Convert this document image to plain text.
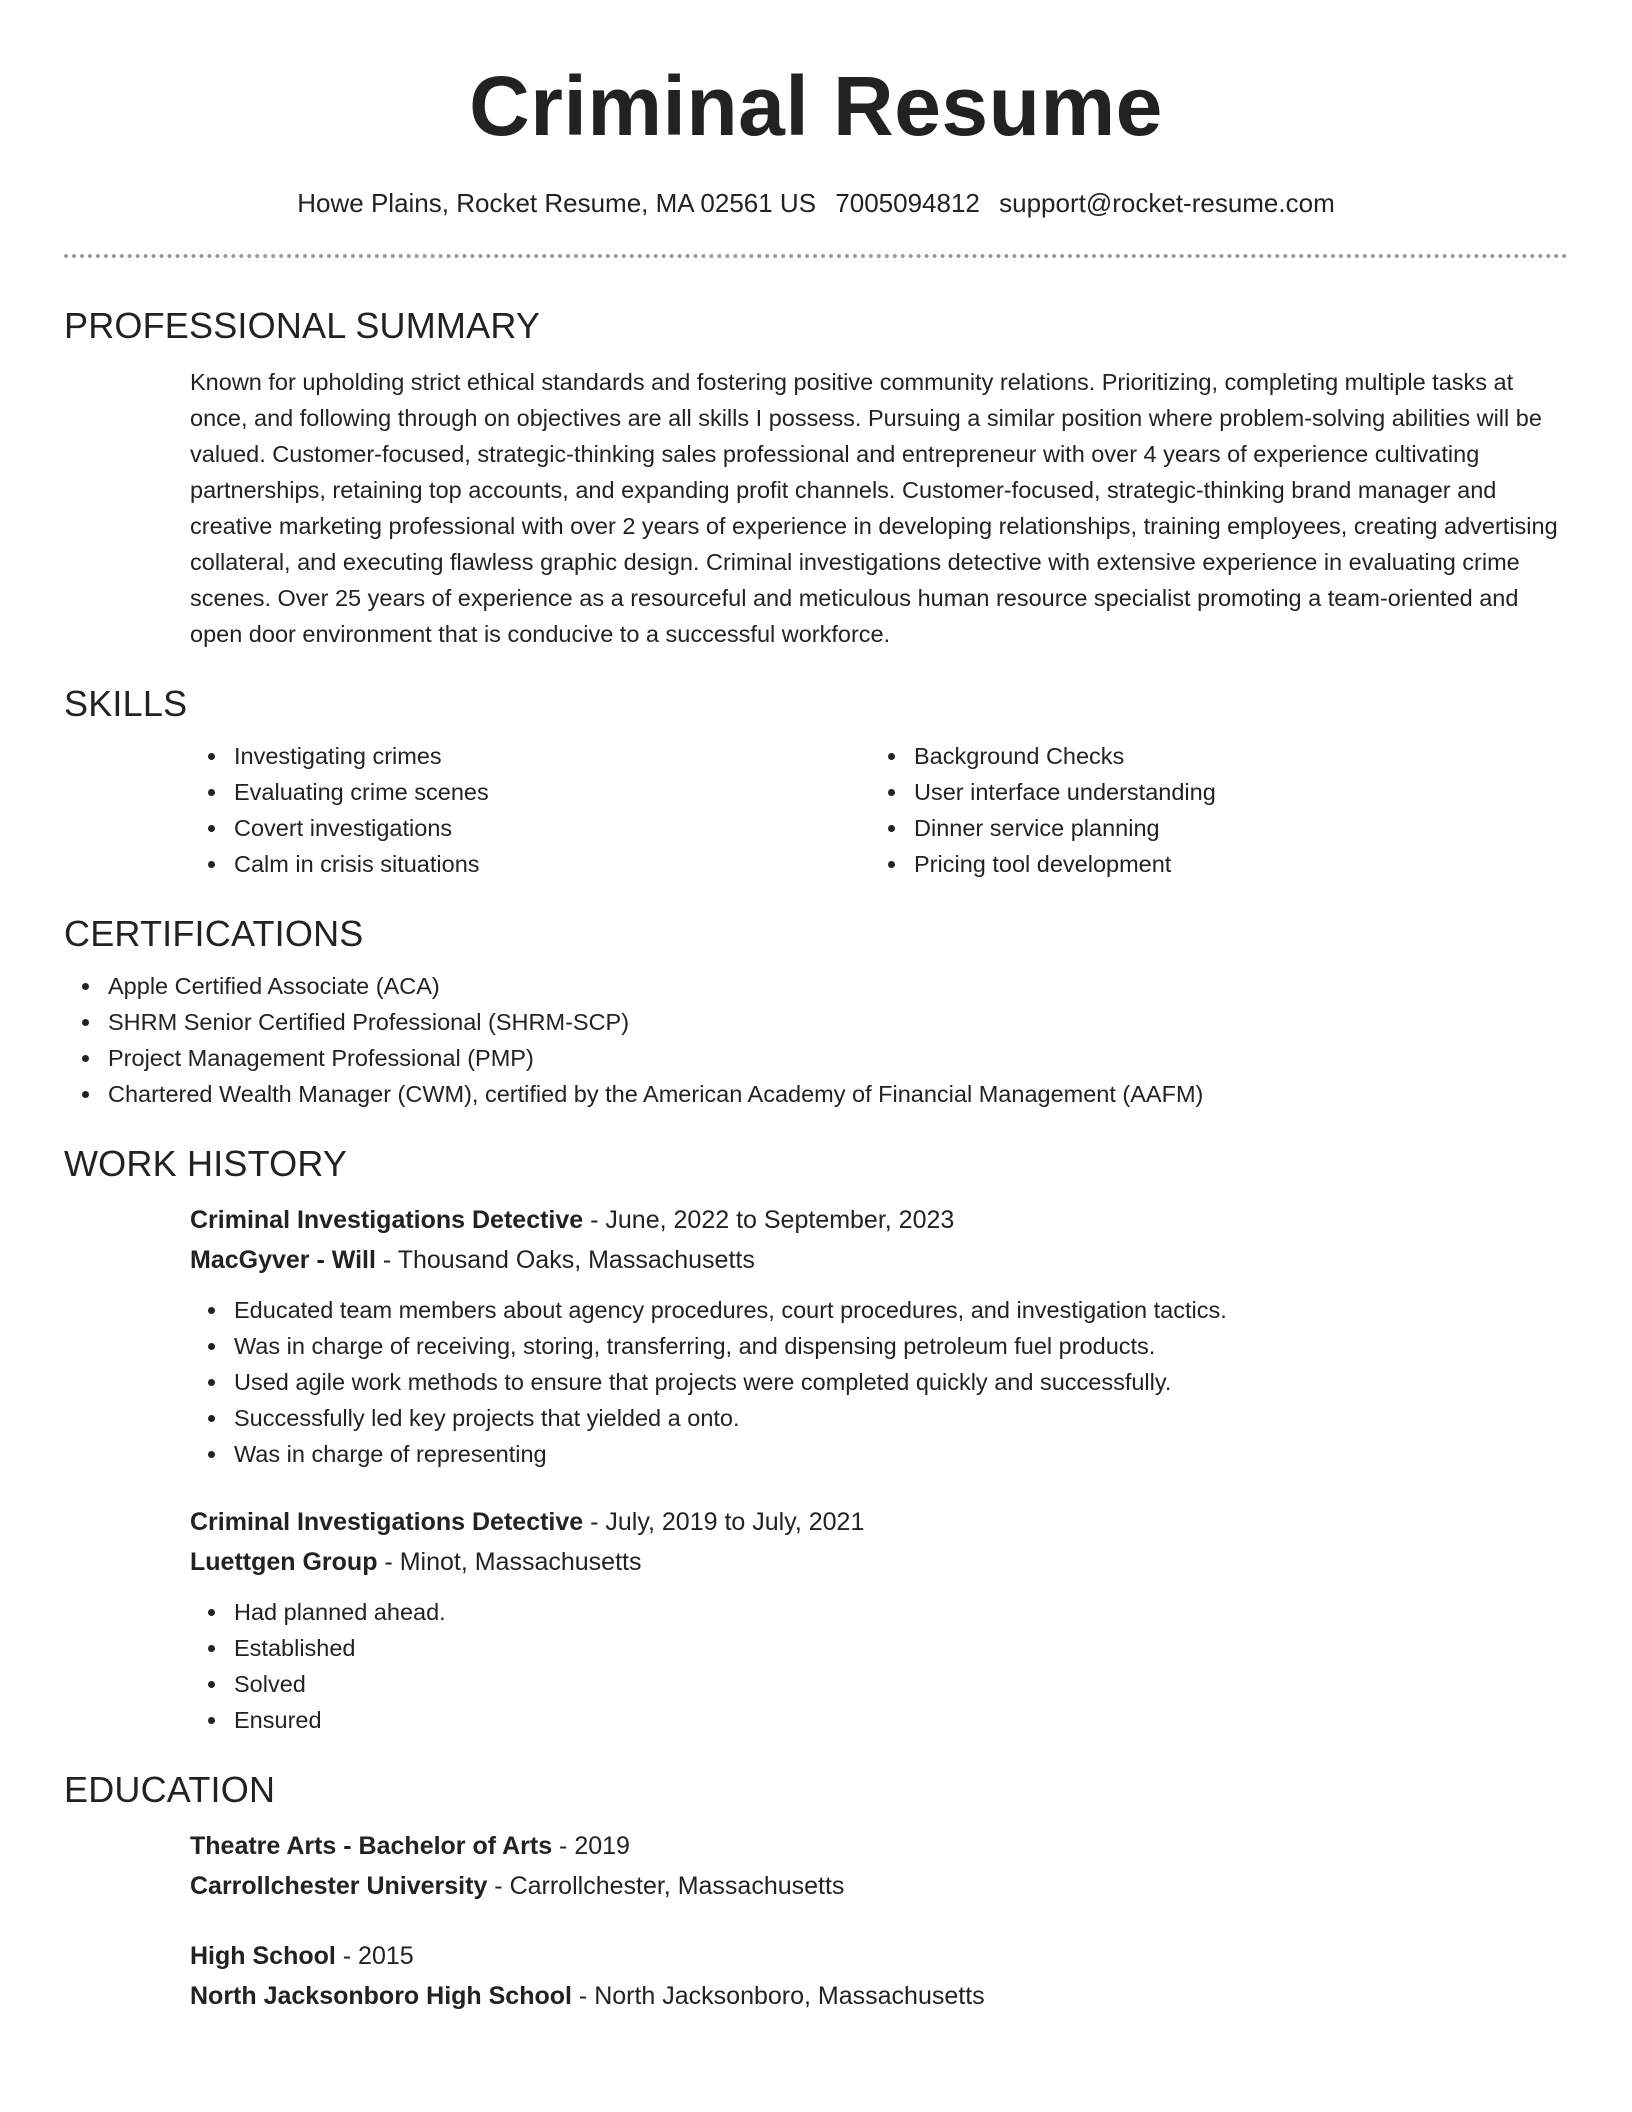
Criminal Resume
Howe Plains, Rocket Resume, MA 02561 US 7005094812 support@rocket-resume.com
PROFESSIONAL SUMMARY
Known for upholding strict ethical standards and fostering positive community relations. Prioritizing, completing multiple tasks at once, and following through on objectives are all skills I possess. Pursuing a similar position where problem-solving abilities will be valued. Customer-focused, strategic-thinking sales professional and entrepreneur with over 4 years of experience cultivating partnerships, retaining top accounts, and expanding profit channels. Customer-focused, strategic-thinking brand manager and creative marketing professional with over 2 years of experience in developing relationships, training employees, creating advertising collateral, and executing flawless graphic design. Criminal investigations detective with extensive experience in evaluating crime scenes. Over 25 years of experience as a resourceful and meticulous human resource specialist promoting a team-oriented and open door environment that is conducive to a successful workforce.
SKILLS
Investigating crimes
Evaluating crime scenes
Covert investigations
Calm in crisis situations
Background Checks
User interface understanding
Dinner service planning
Pricing tool development
CERTIFICATIONS
Apple Certified Associate (ACA)
SHRM Senior Certified Professional (SHRM-SCP)
Project Management Professional (PMP)
Chartered Wealth Manager (CWM), certified by the American Academy of Financial Management (AAFM)
WORK HISTORY
Criminal Investigations Detective - June, 2022 to September, 2023
MacGyver - Will - Thousand Oaks, Massachusetts
Educated team members about agency procedures, court procedures, and investigation tactics.
Was in charge of receiving, storing, transferring, and dispensing petroleum fuel products.
Used agile work methods to ensure that projects were completed quickly and successfully.
Successfully led key projects that yielded a onto.
Was in charge of representing
Criminal Investigations Detective - July, 2019 to July, 2021
Luettgen Group - Minot, Massachusetts
Had planned ahead.
Established
Solved
Ensured
EDUCATION
Theatre Arts - Bachelor of Arts - 2019
Carrollchester University - Carrollchester, Massachusetts
High School - 2015
North Jacksonboro High School - North Jacksonboro, Massachusetts
